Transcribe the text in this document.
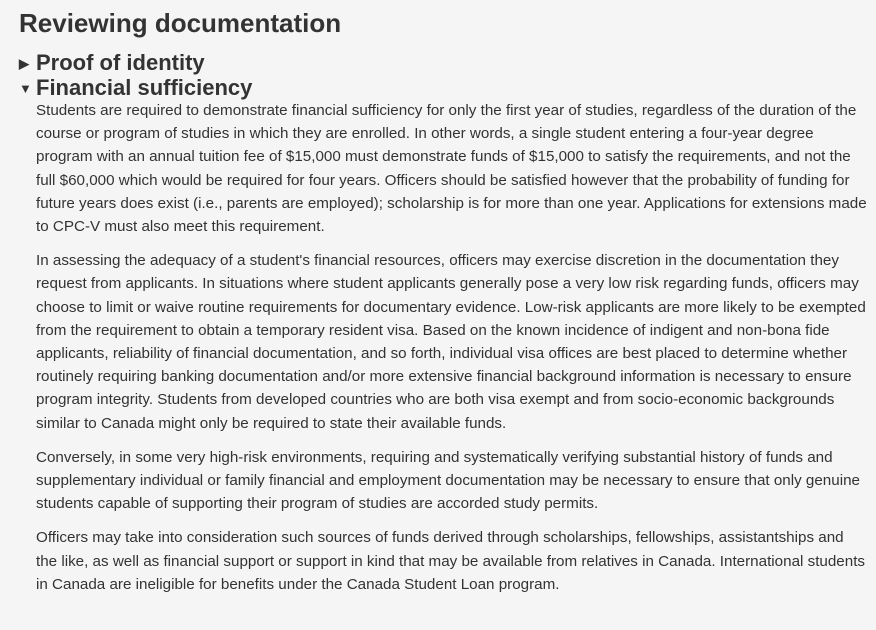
Reviewing documentation
▶ Proof of identity
▼ Financial sufficiency

Students are required to demonstrate financial sufficiency for only the first year of studies, regardless of the duration of the course or program of studies in which they are enrolled. In other words, a single student entering a four-year degree program with an annual tuition fee of $15,000 must demonstrate funds of $15,000 to satisfy the requirements, and not the full $60,000 which would be required for four years. Officers should be satisfied however that the probability of funding for future years does exist (i.e., parents are employed); scholarship is for more than one year. Applications for extensions made to CPC-V must also meet this requirement.

In assessing the adequacy of a student's financial resources, officers may exercise discretion in the documentation they request from applicants. In situations where student applicants generally pose a very low risk regarding funds, officers may choose to limit or waive routine requirements for documentary evidence. Low-risk applicants are more likely to be exempted from the requirement to obtain a temporary resident visa. Based on the known incidence of indigent and non-bona fide applicants, reliability of financial documentation, and so forth, individual visa offices are best placed to determine whether routinely requiring banking documentation and/or more extensive financial background information is necessary to ensure program integrity. Students from developed countries who are both visa exempt and from socio-economic backgrounds similar to Canada might only be required to state their available funds.

Conversely, in some very high-risk environments, requiring and systematically verifying substantial history of funds and supplementary individual or family financial and employment documentation may be necessary to ensure that only genuine students capable of supporting their program of studies are accorded study permits.

Officers may take into consideration such sources of funds derived through scholarships, fellowships, assistantships and the like, as well as financial support or support in kind that may be available from relatives in Canada. International students in Canada are ineligible for benefits under the Canada Student Loan program.
